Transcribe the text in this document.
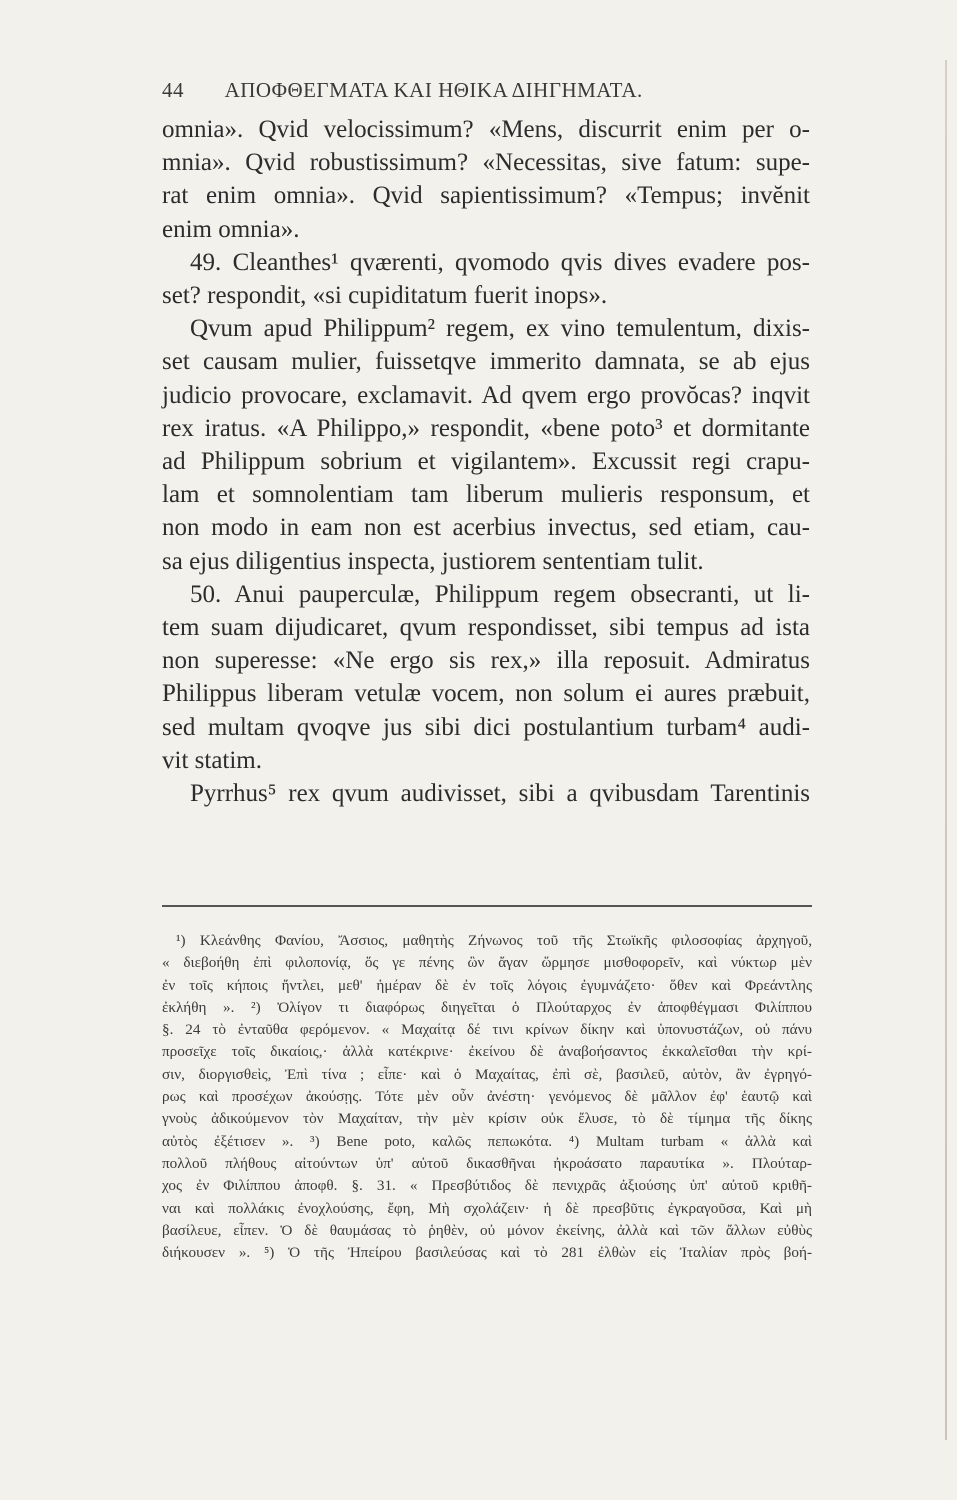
44 ΑΠΟΦΘΕΓΜΑΤΑ ΚΑΙ ΗΘΙΚΑ ΔΙΗΓΗΜΑΤΑ.

omnia». Qvid velocissimum? «Mens, discurrit enim per o-

mnia». Qvid robustissimum? «Necessitas, sive fatum: supe-

rat enim omnia». Qvid sapientissimum? «Tempus; invĕnit

enim omnia».

49. Cleanthes¹ qværenti, qvomodo qvis dives evadere pos-

set? respondit, «si cupiditatum fuerit inops».

Qvum apud Philippum² regem, ex vino temulentum, dixis-

set causam mulier, fuissetqve immerito damnata, se ab ejus

judicio provocare, exclamavit. Ad qvem ergo provŏcas? inqvit

rex iratus. «A Philippo,» respondit, «bene poto³ et dormitante

ad Philippum sobrium et vigilantem». Excussit regi crapu-

lam et somnolentiam tam liberum mulieris responsum, et

non modo in eam non est acerbius invectus, sed etiam, cau-

sa ejus diligentius inspecta, justiorem sententiam tulit.

50. Anui pauperculæ, Philippum regem obsecranti, ut li-

tem suam dijudicaret, qvum respondisset, sibi tempus ad ista

non superesse: «Ne ergo sis rex,» illa reposuit. Admiratus

Philippus liberam vetulæ vocem, non solum ei aures præbuit,

sed multam qvoqve jus sibi dici postulantium turbam⁴ audi-

vit statim.

Pyrrhus⁵ rex qvum audivisset, sibi a qvibusdam Tarentinis

¹) Κλεάνθης Φανίου, Ἄσσιος, μαθητὴς Ζήνωνος τοῦ τῆς Στωϊκῆς φιλοσοφίας ἀρχηγοῦ,

« διεβοήθη ἐπὶ φιλοπονίᾳ, ὅς γε πένης ὢν ἄγαν ὥρμησε μισθοφορεῖν, καὶ νύκτωρ μὲν

ἐν τοῖς κήποις ἤντλει, μεθ' ἡμέραν δὲ ἐν τοῖς λόγοις ἐγυμνάζετο· ὅθεν καὶ Φρεάντλης

ἐκλήθη ». ²) Ὀλίγον τι διαφόρως διηγεῖται ὁ Πλούταρχος ἐν ἀποφθέγμασι Φιλίππου

§. 24 τὸ ἐνταῦθα φερόμενον. « Μαχαίτᾳ δέ τινι κρίνων δίκην καὶ ὑπονυστάζων, οὐ πάνυ

προσεῖχε τοῖς δικαίοις,· ἀλλὰ κατέκρινε· ἐκείνου δὲ ἀναβοήσαντος ἐκκαλεῖσθαι τὴν κρί-

σιν, διοργισθεὶς, Ἐπὶ τίνα ; εἶπε· καὶ ὁ Μαχαίτας, ἐπὶ σὲ, βασιλεῦ, αὐτὸν, ἂν ἐγρηγό-

ρως καὶ προσέχων ἀκούσῃς. Τότε μὲν οὖν ἀνέστη· γενόμενος δὲ μᾶλλον ἐφ' ἑαυτῷ καὶ

γνοὺς ἀδικούμενον τὸν Μαχαίταν, τὴν μὲν κρίσιν οὐκ ἔλυσε, τὸ δὲ τίμημα τῆς δίκης

αὐτὸς ἐξέτισεν ». ³) Bene poto, καλῶς πεπωκότα. ⁴) Multam turbam « ἀλλὰ καὶ

πολλοῦ πλήθους αἰτούντων ὑπ' αὐτοῦ δικασθῆναι ἠκροάσατο παραυτίκα ». Πλούταρ-

χος ἐν Φιλίππου ἀποφθ. §. 31. « Πρεσβύτιδος δὲ πενιχρᾶς ἀξιούσης ὑπ' αὐτοῦ κριθῆ-

ναι καὶ πολλάκις ἐνοχλούσης, ἔφη, Μὴ σχολάζειν· ἡ δὲ πρεσβῦτις ἐγκραγοῦσα, Καὶ μὴ

βασίλευε, εἶπεν. Ὁ δὲ θαυμάσας τὸ ῥηθὲν, οὐ μόνον ἐκείνης, ἀλλὰ καὶ τῶν ἄλλων εὐθὺς

διήκουσεν ». ⁵) Ὁ τῆς Ἠπείρου βασιλεύσας καὶ τὸ 281 ἐλθὼν εἰς Ἰταλίαν πρὸς βοή-
